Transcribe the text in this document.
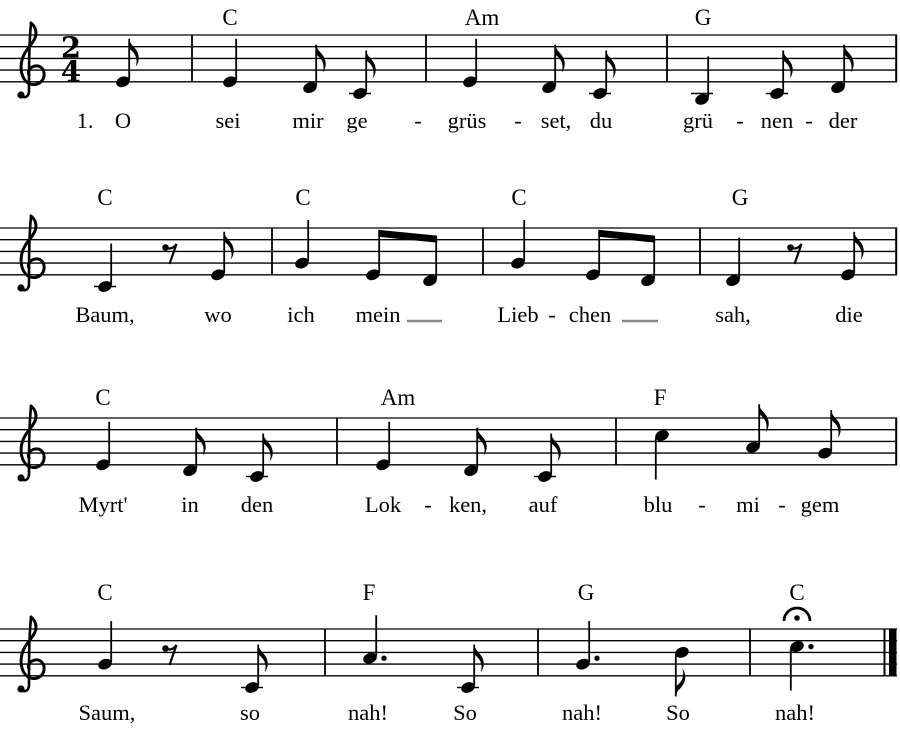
2
4
C	Am	G
1. O	sei mir ge - grüs - set, du	grü - nen - der
C	C	C	G
Baum,	wo ich mein	Lieb - chen	sah,	die
C	Am	F
Myrt' in den	Lok - ken, auf	blu - mi - gem
C	F	G	C
Saum,	so	nah!	So	nah!	So	nah!
